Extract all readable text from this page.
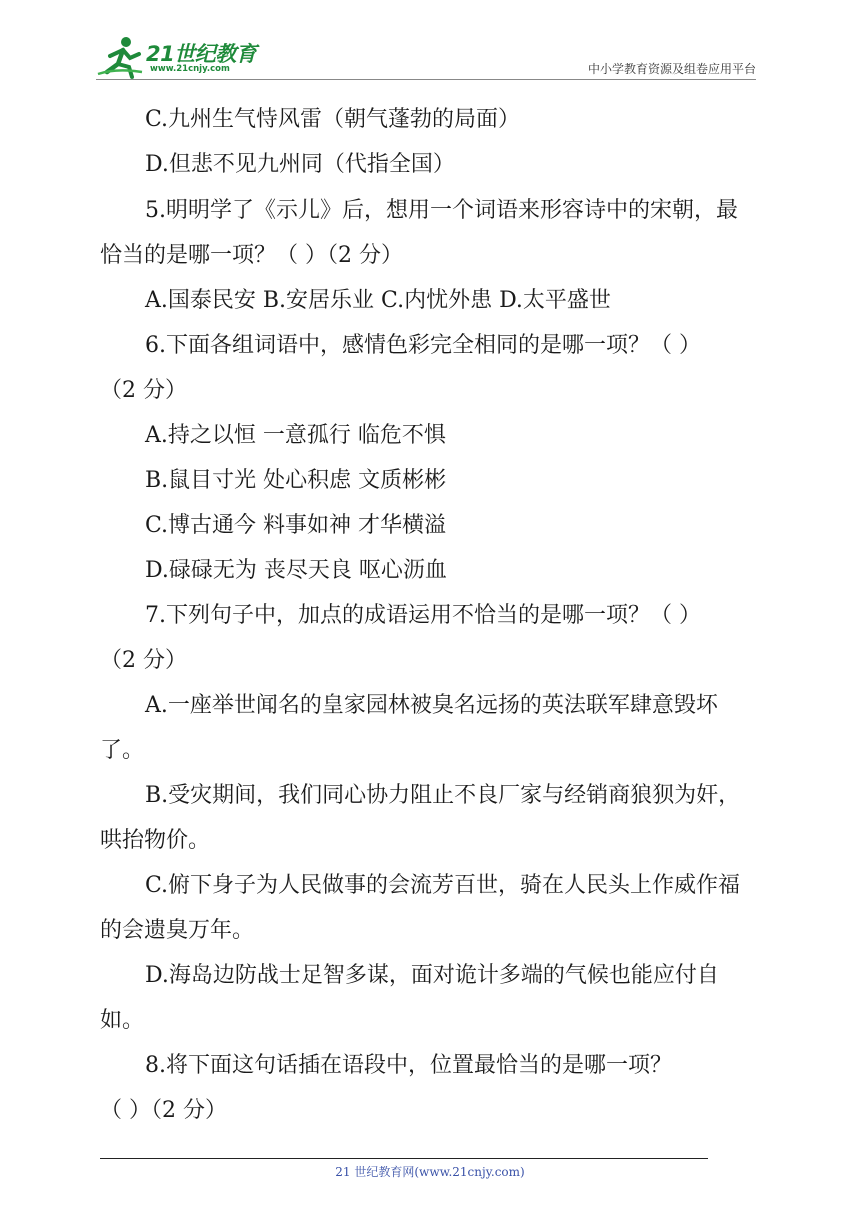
21世纪教育
www.21cnjy.com	中小学教育资源及组卷应用平台
C.九州生气恃风雷（朝气蓬勃的局面）
D.但悲不见九州同（代指全国）
5.明明学了《示儿》后，想用一个词语来形容诗中的宋朝，最
恰当的是哪一项？（ ）（2 分）
A.国泰民安 B.安居乐业 C.内忧外患 D.太平盛世
6.下面各组词语中，感情色彩完全相同的是哪一项？（ ）
（2 分）
A.持之以恒 一意孤行 临危不惧
B.鼠目寸光 处心积虑 文质彬彬
C.博古通今 料事如神 才华横溢
D.碌碌无为 丧尽天良 呕心沥血
7.下列句子中，加点的成语运用不恰当的是哪一项？（ ）
（2 分）
A.一座举世闻名的皇家园林被臭名远扬的英法联军肆意毁坏
了。
B.受灾期间，我们同心协力阻止不良厂家与经销商狼狈为奸，
哄抬物价。
C.俯下身子为人民做事的会流芳百世，骑在人民头上作威作福
的会遗臭万年。
D.海岛边防战士足智多谋，面对诡计多端的气候也能应付自
如。
8.将下面这句话插在语段中，位置最恰当的是哪一项？
（ ）（2 分）
21 世纪教育网(www.21cnjy.com)
